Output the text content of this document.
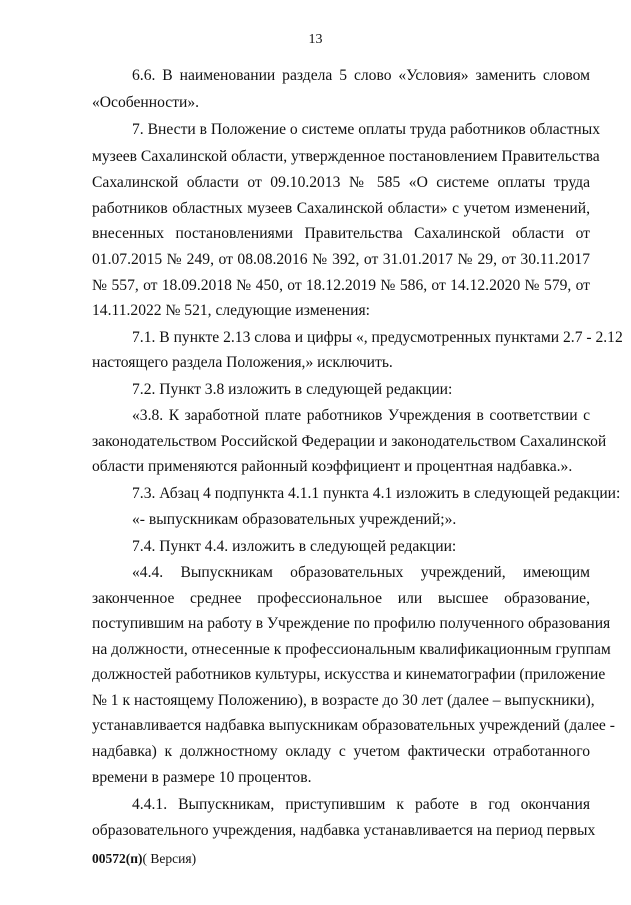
13
6.6. В наименовании раздела 5 слово «Условия» заменить словом
«Особенности».
7. Внести в Положение о системе оплаты труда работников областных
музеев Сахалинской области, утвержденное постановлением Правительства
Сахалинской области от 09.10.2013 № 585 «О системе оплаты труда
работников областных музеев Сахалинской области» с учетом изменений,
внесенных постановлениями Правительства Сахалинской области от
01.07.2015 № 249, от 08.08.2016 № 392, от 31.01.2017 № 29, от 30.11.2017
№ 557, от 18.09.2018 № 450, от 18.12.2019 № 586, от 14.12.2020 № 579, от
14.11.2022 № 521, следующие изменения:
7.1. В пункте 2.13 слова и цифры «, предусмотренных пунктами 2.7 - 2.12
настоящего раздела Положения,» исключить.
7.2. Пункт 3.8 изложить в следующей редакции:
«3.8. К заработной плате работников Учреждения в соответствии с
законодательством Российской Федерации и законодательством Сахалинской
области применяются районный коэффициент и процентная надбавка.».
7.3. Абзац 4 подпункта 4.1.1 пункта 4.1 изложить в следующей редакции:
«- выпускникам образовательных учреждений;».
7.4. Пункт 4.4. изложить в следующей редакции:
«4.4. Выпускникам образовательных учреждений, имеющим
законченное среднее профессиональное или высшее образование,
поступившим на работу в Учреждение по профилю полученного образования
на должности, отнесенные к профессиональным квалификационным группам
должностей работников культуры, искусства и кинематографии (приложение
№ 1 к настоящему Положению), в возрасте до 30 лет (далее – выпускники),
устанавливается надбавка выпускникам образовательных учреждений (далее -
надбавка) к должностному окладу с учетом фактически отработанного
времени в размере 10 процентов.
4.4.1. Выпускникам, приступившим к работе в год окончания
образовательного учреждения, надбавка устанавливается на период первых
00572(п)( Версия)
